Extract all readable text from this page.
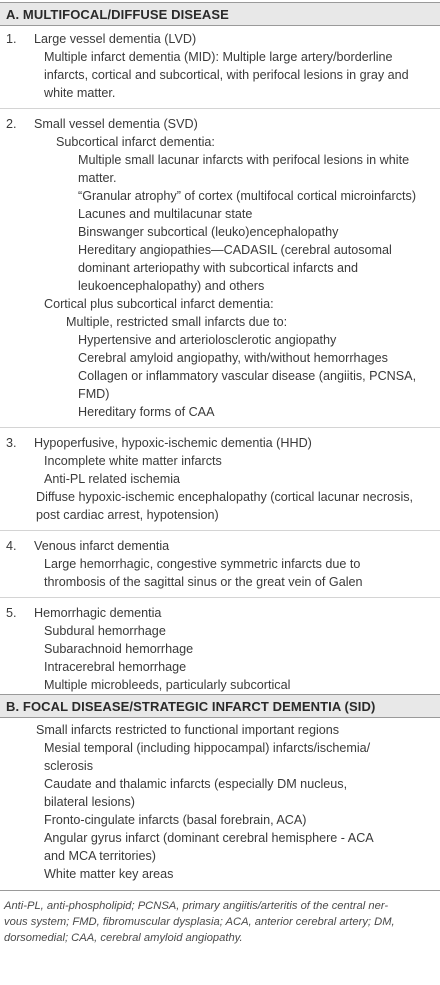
A. MULTIFOCAL/DIFFUSE DISEASE
1. Large vessel dementia (LVD)
Multiple infarct dementia (MID): Multiple large artery/borderline
infarcts, cortical and subcortical, with perifocal lesions in gray and
white matter.
2. Small vessel dementia (SVD)
Subcortical infarct dementia:
Multiple small lacunar infarcts with perifocal lesions in white
matter.
“Granular atrophy” of cortex (multifocal cortical microinfarcts)
Lacunes and multilacunar state
Binswanger subcortical (leuko)encephalopathy
Hereditary angiopathies—CADASIL (cerebral autosomal
dominant arteriopathy with subcortical infarcts and
leukoencephalopathy) and others
Cortical plus subcortical infarct dementia:
Multiple, restricted small infarcts due to:
Hypertensive and arteriolosclerotic angiopathy
Cerebral amyloid angiopathy, with/without hemorrhages
Collagen or inflammatory vascular disease (angiitis, PCNSA,
FMD)
Hereditary forms of CAA
3. Hypoperfusive, hypoxic-ischemic dementia (HHD)
Incomplete white matter infarcts
Anti-PL related ischemia
Diffuse hypoxic-ischemic encephalopathy (cortical lacunar necrosis,
post cardiac arrest, hypotension)
4. Venous infarct dementia
Large hemorrhagic, congestive symmetric infarcts due to
thrombosis of the sagittal sinus or the great vein of Galen
5. Hemorrhagic dementia
Subdural hemorrhage
Subarachnoid hemorrhage
Intracerebral hemorrhage
Multiple microbleeds, particularly subcortical
B. FOCAL DISEASE/STRATEGIC INFARCT DEMENTIA (SID)
Small infarcts restricted to functional important regions
Mesial temporal (including hippocampal) infarcts/ischemia/
sclerosis
Caudate and thalamic infarcts (especially DM nucleus,
bilateral lesions)
Fronto-cingulate infarcts (basal forebrain, ACA)
Angular gyrus infarct (dominant cerebral hemisphere - ACA
and MCA territories)
White matter key areas
Anti-PL, anti-phospholipid; PCNSA, primary angiitis/arteritis of the central ner-
vous system; FMD, fibromuscular dysplasia; ACA, anterior cerebral artery; DM,
dorsomedial; CAA, cerebral amyloid angiopathy.
